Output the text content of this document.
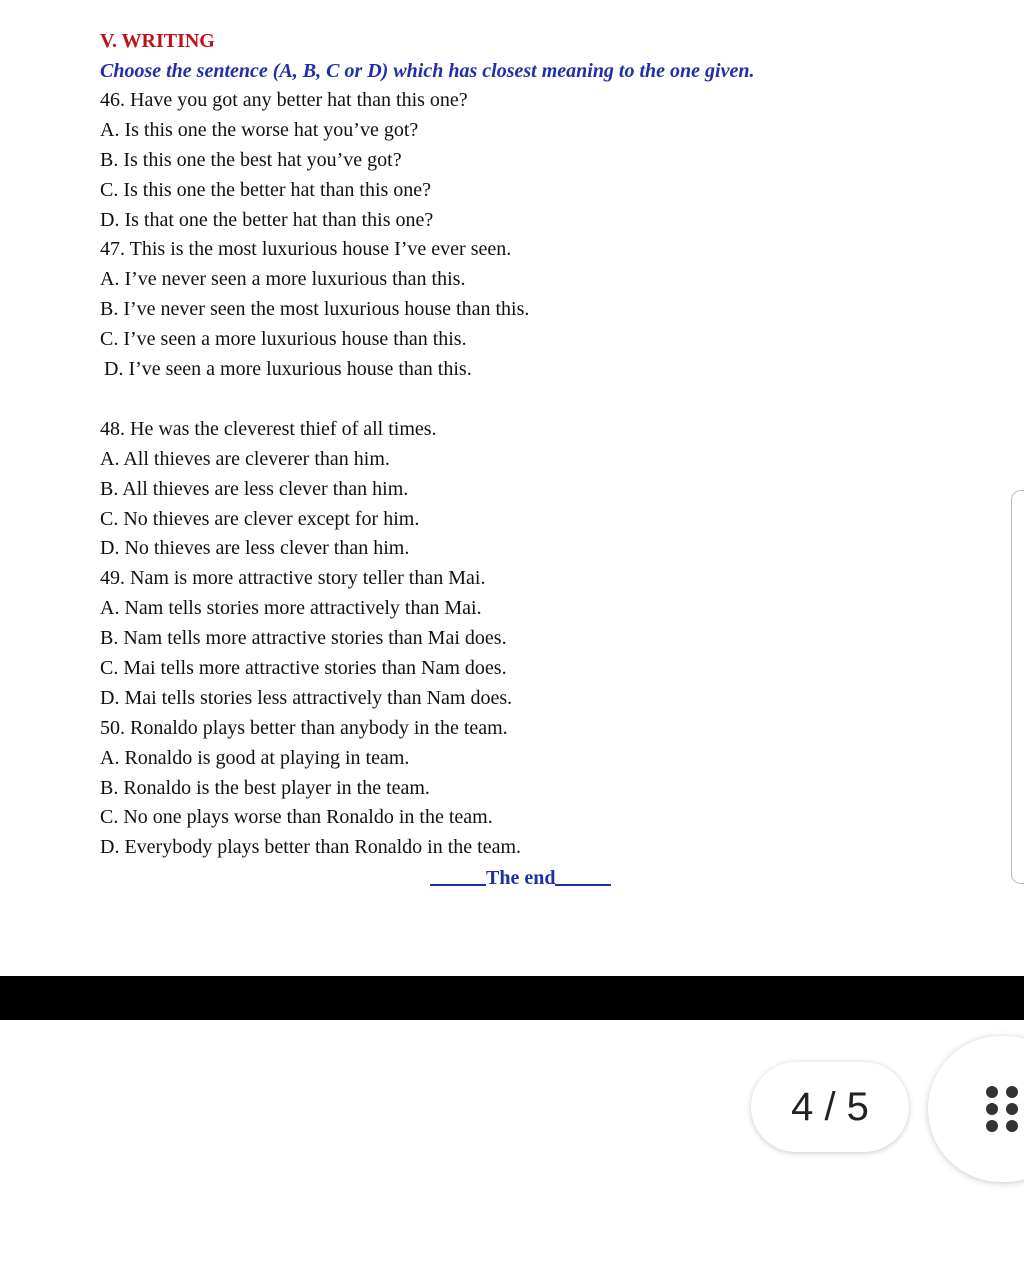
V. WRITING
Choose the sentence (A, B, C or D) which has closest meaning to the one given.
46. Have you got any better hat than this one?
A. Is this one the worse hat you’ve got?
B. Is this one the best hat you’ve got?
C. Is this one the better hat than this one?
D. Is that one the better hat than this one?
47. This is the most luxurious house I’ve ever seen.
A. I’ve never seen a more luxurious than this.
B. I’ve never seen the most luxurious house than this.
C. I’ve seen a more luxurious house than this.
D. I’ve seen a more luxurious house than this.
48. He was the cleverest thief of all times.
A. All thieves are cleverer than him.
B. All thieves are less clever than him.
C. No thieves are clever except for him.
D. No thieves are less clever than him.
49. Nam is more attractive story teller than Mai.
A. Nam tells stories more attractively than Mai.
B. Nam tells more attractive stories than Mai does.
C. Mai tells more attractive stories than Nam does.
D. Mai tells stories less attractively than Nam does.
50. Ronaldo plays better than anybody in the team.
A. Ronaldo is good at playing in team.
B. Ronaldo is the best player in the team.
C. No one plays worse than Ronaldo in the team.
D. Everybody plays better than Ronaldo in the team.
The end
4 / 5
